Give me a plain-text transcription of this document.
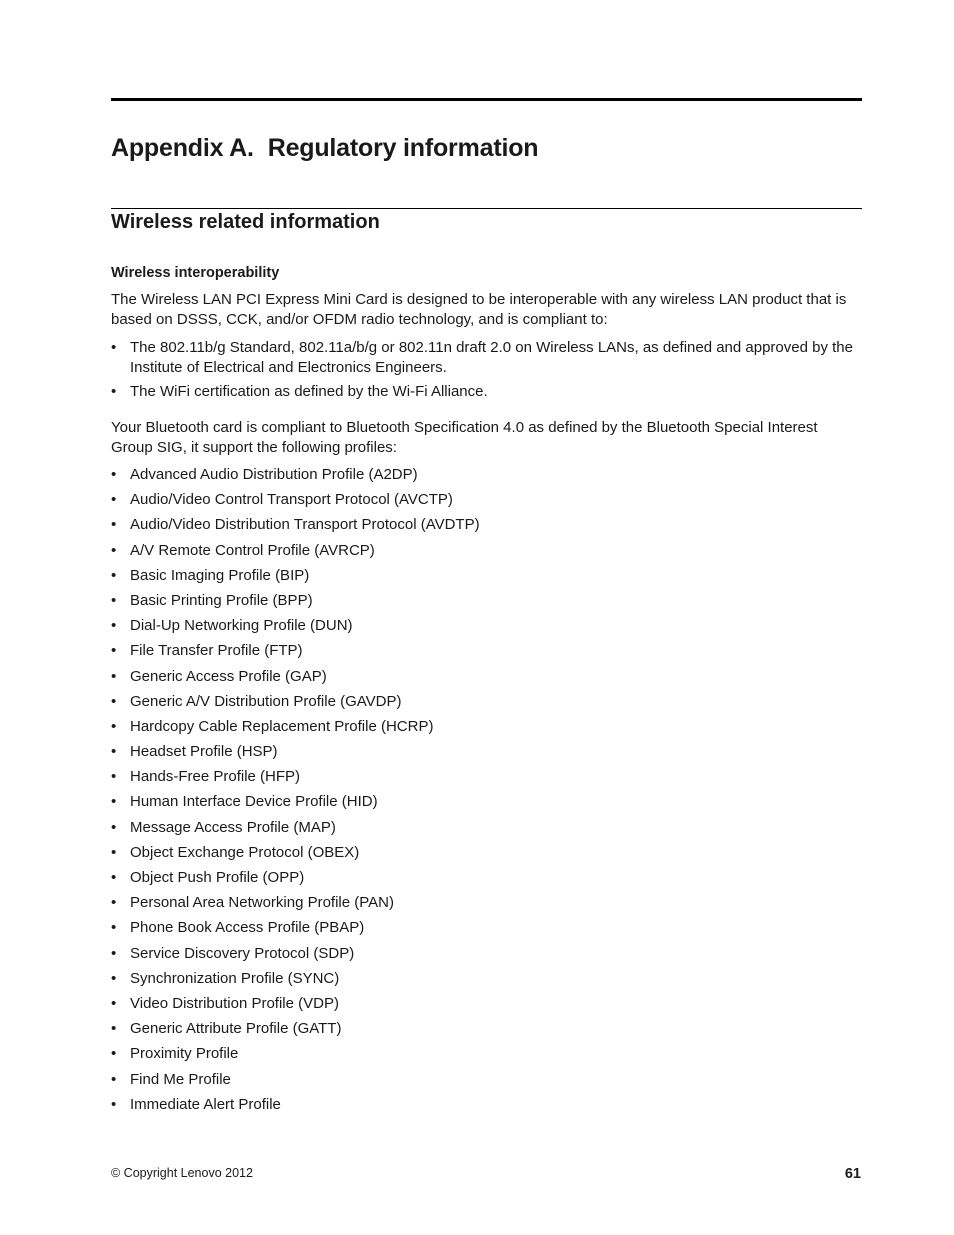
Appendix A. Regulatory information
Wireless related information
Wireless interoperability

The Wireless LAN PCI Express Mini Card is designed to be interoperable with any wireless LAN product that is based on DSSS, CCK, and/or OFDM radio technology, and is compliant to:

• The 802.11b/g Standard, 802.11a/b/g or 802.11n draft 2.0 on Wireless LANs, as defined and approved by the Institute of Electrical and Electronics Engineers.
• The WiFi certification as defined by the Wi-Fi Alliance.

Your Bluetooth card is compliant to Bluetooth Specification 4.0 as defined by the Bluetooth Special Interest Group SIG, it support the following profiles:

• Advanced Audio Distribution Profile (A2DP)
• Audio/Video Control Transport Protocol (AVCTP)
• Audio/Video Distribution Transport Protocol (AVDTP)
• A/V Remote Control Profile (AVRCP)
• Basic Imaging Profile (BIP)
• Basic Printing Profile (BPP)
• Dial-Up Networking Profile (DUN)
• File Transfer Profile (FTP)
• Generic Access Profile (GAP)
• Generic A/V Distribution Profile (GAVDP)
• Hardcopy Cable Replacement Profile (HCRP)
• Headset Profile (HSP)
• Hands-Free Profile (HFP)
• Human Interface Device Profile (HID)
• Message Access Profile (MAP)
• Object Exchange Protocol (OBEX)
• Object Push Profile (OPP)
• Personal Area Networking Profile (PAN)
• Phone Book Access Profile (PBAP)
• Service Discovery Protocol (SDP)
• Synchronization Profile (SYNC)
• Video Distribution Profile (VDP)
• Generic Attribute Profile (GATT)
• Proximity Profile
• Find Me Profile
• Immediate Alert Profile
© Copyright Lenovo 2012	61
